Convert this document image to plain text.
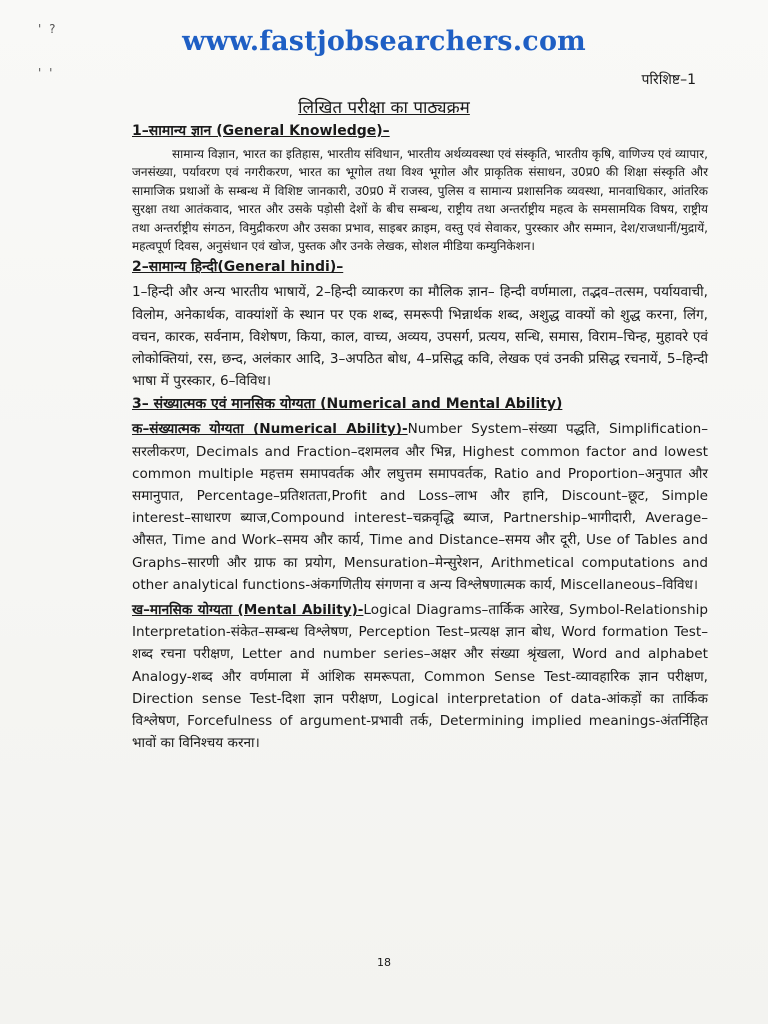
' ?
' '
www.fastjobsearchers.com
परिशिष्ट–1
लिखित परीक्षा का पाठ्यक्रम
1–सामान्य ज्ञान (General Knowledge)–

सामान्य विज्ञान, भारत का इतिहास, भारतीय संविधान, भारतीय अर्थव्यवस्था एवं संस्कृति, भारतीय कृषि, वाणिज्य एवं व्यापार, जनसंख्या, पर्यावरण एवं नगरीकरण, भारत का भूगोल तथा विश्व भूगोल और प्राकृतिक संसाधन, उ0प्र0 की शिक्षा संस्कृति और सामाजिक प्रथाओं के सम्बन्ध में विशिष्ट जानकारी, उ0प्र0 में राजस्व, पुलिस व सामान्य प्रशासनिक व्यवस्था, मानवाधिकार, आंतरिक सुरक्षा तथा आतंकवाद, भारत और उसके पड़ोसी देशों के बीच सम्बन्ध, राष्ट्रीय तथा अन्तर्राष्ट्रीय महत्व के समसामयिक विषय, राष्ट्रीय तथा अन्तर्राष्ट्रीय संगठन, विमुद्रीकरण और उसका प्रभाव, साइबर क्राइम, वस्तु एवं सेवाकर, पुरस्कार और सम्मान, देश/राजधानीं/मुद्रायें, महत्वपूर्ण दिवस, अनुसंधान एवं खोज, पुस्तक और उनके लेखक, सोशल मीडिया कम्युनिकेशन।

2–सामान्य हिन्दी(General hindi)–

1–हिन्दी और अन्य भारतीय भाषायें, 2–हिन्दी व्याकरण का मौलिक ज्ञान– हिन्दी वर्णमाला, तद्भव–तत्सम, पर्यायवाची, विलोम, अनेकार्थक, वाक्यांशों के स्थान पर एक शब्द, समरूपी भिन्नार्थक शब्द, अशुद्ध वाक्यों को शुद्ध करना, लिंग, वचन, कारक, सर्वनाम, विशेषण, किया, काल, वाच्य, अव्यय, उपसर्ग, प्रत्यय, सन्धि, समास, विराम–चिन्ह, मुहावरे एवं लोकोक्तियां, रस, छन्द, अलंकार आदि, 3–अपठित बोध, 4–प्रसिद्ध कवि, लेखक एवं उनकी प्रसिद्ध रचनायें, 5–हिन्दी भाषा में पुरस्कार, 6–विविध।

3– संख्यात्मक एवं मानसिक योग्यता (Numerical and Mental Ability)

क–संख्यात्मक योग्यता (Numerical Ability)-Number System–संख्या पद्धति, Simplification–सरलीकरण, Decimals and Fraction–दशमलव और भिन्न, Highest common factor and lowest common multiple महत्तम समापवर्तक और लघुत्तम समापवर्तक, Ratio and Proportion–अनुपात और समानुपात, Percentage–प्रतिशतता,Profit and Loss–लाभ और हानि, Discount–छूट, Simple interest–साधारण ब्याज,Compound interest–चक्रवृद्धि ब्याज, Partnership–भागीदारी, Average–औसत, Time and Work–समय और कार्य, Time and Distance–समय और दूरी, Use of Tables and Graphs–सारणी और ग्राफ का प्रयोग, Mensuration–मेन्सुरेशन, Arithmetical computations and other analytical functions-अंकगणितीय संगणना व अन्य विश्लेषणात्मक कार्य, Miscellaneous–विविध।

ख–मानसिक योग्यता (Mental Ability)-Logical Diagrams–तार्किक आरेख, Symbol-Relationship Interpretation-संकेत–सम्बन्ध विश्लेषण, Perception Test–प्रत्यक्ष ज्ञान बोध, Word formation Test–शब्द रचना परीक्षण, Letter and number series–अक्षर और संख्या श्रृंखला, Word and alphabet Analogy-शब्द और वर्णमाला में आंशिक समरूपता, Common Sense Test-व्यावहारिक ज्ञान परीक्षण, Direction sense Test-दिशा ज्ञान परीक्षण, Logical interpretation of data-आंकड़ों का तार्किक विश्लेषण, Forcefulness of argument-प्रभावी तर्क, Determining implied meanings-अंतर्निहित भावों का विनिश्चय करना।

18
